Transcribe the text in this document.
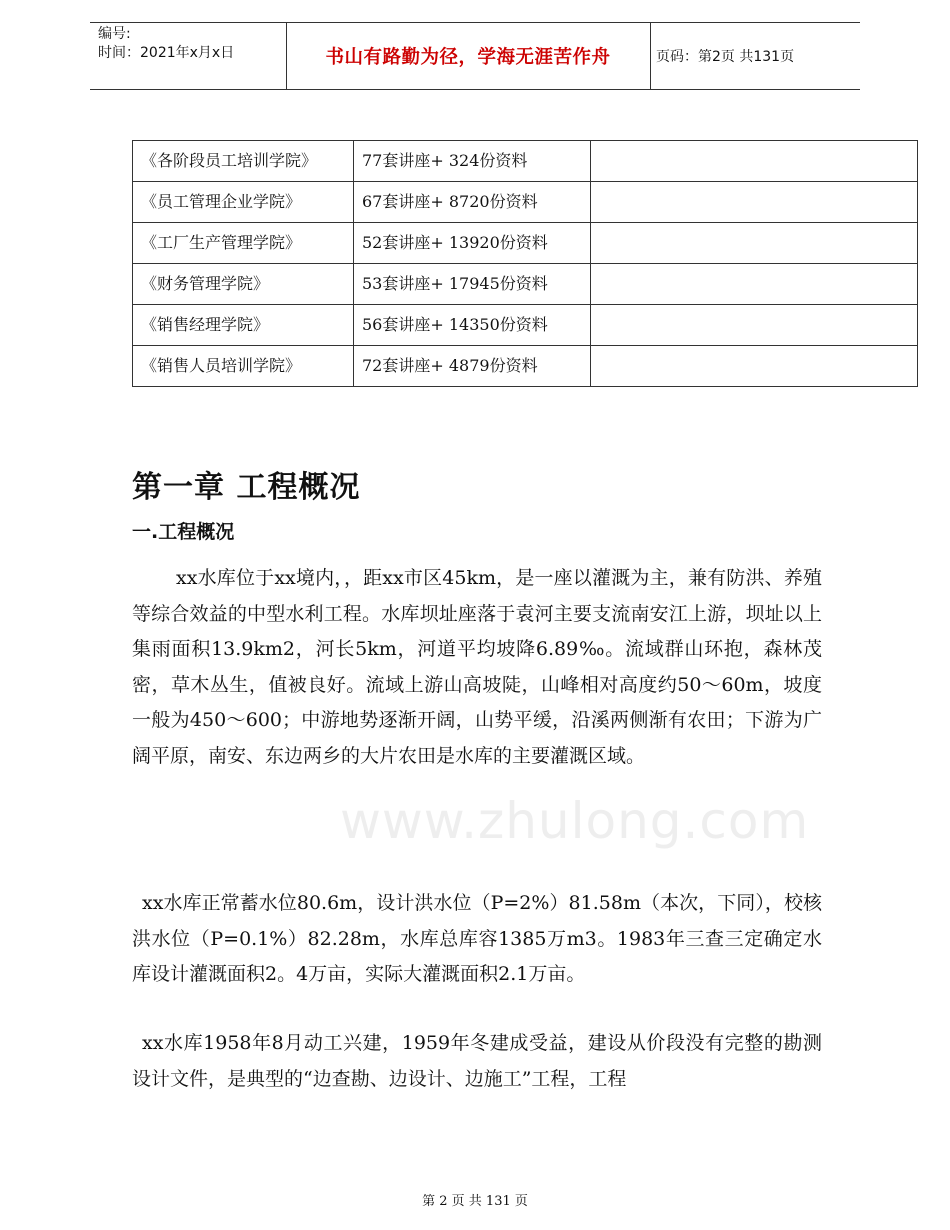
编号:
时间：2021年x月x日	书山有路勤为径，学海无涯苦作舟	页码：第2页 共131页
《各阶段员工培训学院》	77套讲座+ 324份资料	
《员工管理企业学院》	67套讲座+ 8720份资料	
《工厂生产管理学院》	52套讲座+ 13920份资料	
《财务管理学院》	53套讲座+ 17945份资料	

《销售经理学院》	56套讲座+ 14350份资料	
《销售人员培训学院》	72套讲座+ 4879份资料	
www.zhulong.com
第一章 工程概况
一.工程概况

xx水库位于xx境内，，距xx市区45km，是一座以灌溉为主，兼有防洪、养殖等综合效益的中型水利工程。水库坝址座落于袁河主要支流南安江上游，坝址以上集雨面积13.9km2，河长5km，河道平均坡降6.89‰。流域群山环抱，森林茂密，草木丛生，值被良好。流域上游山高坡陡，山峰相对高度约50～60m，坡度一般为450～600；中游地势逐渐开阔，山势平缓，沿溪两侧渐有农田；下游为广阔平原，南安、东边两乡的大片农田是水库的主要灌溉区域。

xx水库正常蓄水位80.6m，设计洪水位（P=2%）81.58m（本次，下同），校核洪水位（P=0.1%）82.28m，水库总库容1385万m3。1983年三查三定确定水库设计灌溉面积2。4万亩，实际大灌溉面积2.1万亩。

xx水库1958年8月动工兴建，1959年冬建成受益，建设从价段没有完整的勘测设计文件，是典型的“边查勘、边设计、边施工”工程，工程

第 2 页 共 131 页
